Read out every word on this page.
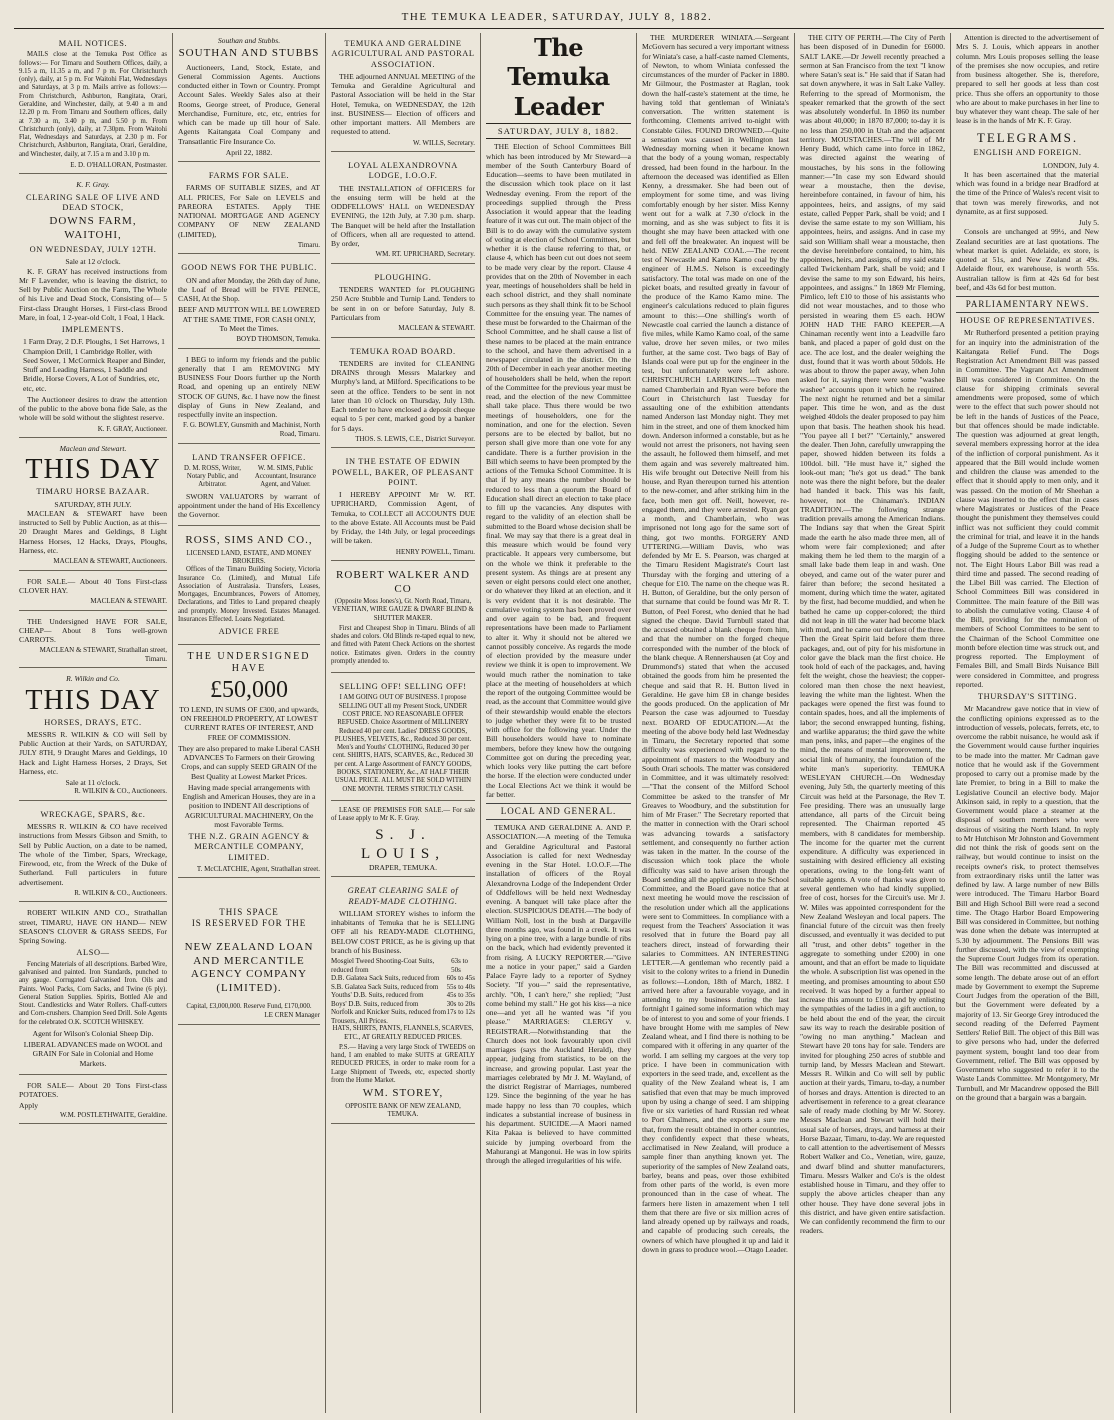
THE TEMUKA LEADER, SATURDAY, JULY 8, 1882.
MAIL NOTICES.

MAILS close at the Temuka Post Office as follows:— For Timaru and Southern Offices, daily, a 9.15 a m, 11.35 a m, and 7 p m. For Christchurch (only), daily, at 5 p m. For Waitohi Flat, Wednesdays and Saturdays, at 3 p m. Mails arrive as follows:— From Christchurch, Ashburton, Rangitata, Orari, Geraldine, and Winchester, daily, at 9.40 a m and 12.20 p m. From Timaru and Southern offices, daily at 7.30 a m, 3.40 p m, and 5.50 p m. From Christchurch (only), daily, at 7.30pm. From Waitohi Flat, Wednesdays and Saturdays, at 2.30 p m. For Christchurch, Ashburton, Rangitata, Orari, Geraldine, and Winchester, daily, at 7.15 a m and 3.10 p m.

E. D. O'HALLORAN, Postmaster.
K. F. Gray.
CLEARING SALE OF LIVE AND DEAD STOCK,
DOWNS FARM, WAITOHI,
ON WEDNESDAY, JULY 12TH.
Sale at 12 o'clock.

K. F. GRAY has received instructions from Mr F Lavender, who is leaving the district, to Sell by Public Auction on the Farm, The Whole of his Live and Dead Stock, Consisting of— 5 First-class Draught Horses, 1 First-class Brood Mare, in foal, 1 2-year-old Colt, 1 Foal, 1 Hack.

IMPLEMENTS.

1 Farm Dray, 2 D.F. Ploughs, 1 Set Harrows, 1 Champion Drill, 1 Cambridge Roller, with Seed Sower, 1 McCormick Reaper and Binder, Stuff and Leading Harness, 1 Saddle and Bridle, Horse Covers, A Lot of Sundries, etc, etc, etc.

The Auctioneer desires to draw the attention of the public to the above bona fide Sale, as the whole will be sold without the slightest reserve.

K. F. GRAY, Auctioneer.
Maclean and Stewart.
THIS DAY
TIMARU HORSE BAZAAR.
SATURDAY, 8TH JULY.

MACLEAN & STEWART have been instructed to Sell by Public Auction, as at this— 20 Draught Mares and Geldings, 8 Light Harness Horses, 12 Hacks, Drays, Ploughs, Harness, etc.

MACLEAN & STEWART, Auctioneers.

FOR SALE.— About 40 Tons First-class CLOVER HAY.

MACLEAN & STEWART.

THE Undersigned HAVE FOR SALE, CHEAP— About 8 Tons well-grown CARROTS.

MACLEAN & STEWART, Strathallan street, Timaru.
R. Wilkin and Co.
THIS DAY
HORSES, DRAYS, ETC.

MESSRS R. WILKIN & CO will Sell by Public Auction at their Yards, on SATURDAY, JULY 8TH, 9 Draught Mares and Geldings, 10 Hack and Light Harness Horses, 2 Drays, Set Harness, etc.

Sale at 11 o'clock.
R. WILKIN & CO., Auctioneers.
WRECKAGE, SPARS, &c.

MESSRS R. WILKIN & CO have received instructions from Messrs Gibson and Smith, to Sell by Public Auction, on a date to be named, The whole of the Timber, Spars, Wreckage, Firewood, etc, from the Wreck of the Duke of Sutherland. Full particulers in future advertisement.

R. WILKIN & CO., Auctioneers.

ROBERT WILKIN AND CO., Strathallan street, TIMARU, HAVE ON HAND— NEW SEASON'S CLOVER & GRASS SEEDS, For Spring Sowing.

ALSO—

Fencing Materials of all descriptions. Barbed Wire, galvanised and painted. Iron Standards, punched to any gauge. Corrugated Galvanised Iron. Oils and Paints. Wool Packs, Corn Sacks, and Twine (6 ply). General Station Supplies. Spirits, Bottled Ale and Stout. Candlesticks and Water Rollers. Chaff-cutters and Corn-crushers. Champion Seed Drill. Sole Agents for the celebrated O.K. SCOTCH WHISKEY.

Agent for Wilson's Colonial Sheep Dip.

LIBERAL ADVANCES made on WOOL and GRAIN For Sale in Colonial and Home Markets.

FOR SALE— About 20 Tons First-class POTATOES.

Apply
W.M. POSTLETHWAITE, Geraldine.
Southan and Stubbs.
SOUTHAN AND STUBBS

Auctioneers, Land, Stock, Estate, and General Commission Agents. Auctions conducted either in Town or Country. Prompt Account Sales. Weekly Sales also at their Rooms, George street, of Produce, General Merchandise, Furniture, etc, etc, entries for which can be made up till hour of Sale. Agents Kaitangata Coal Company and Transatlantic Fire Insurance Co.

April 22, 1882.
FARMS FOR SALE.

FARMS OF SUITABLE SIZES, and AT ALL PRICES, For Sale on LEVELS and PAREORA ESTATES. Apply THE NATIONAL MORTGAGE AND AGENCY COMPANY OF NEW ZEALAND (LIMITED),

Timaru.
GOOD NEWS FOR THE PUBLIC.

ON and after Monday, the 26th day of June, the Loaf of Bread will be FIVE PENCE, CASH, At the Shop.

BEEF AND MUTTON WILL BE LOWERED AT THE SAME TIME, FOR CASH ONLY, To Meet the Times.

BOYD THOMSON, Temuka.

I BEG to inform my friends and the public generally that I am REMOVING MY BUSINESS Four Doors further up the North Road, and opening up an entirely NEW STOCK OF GUNS, &c. I have now the finest display of Guns in New Zealand, and respectfully invite an inspection.

F. G. BOWLEY, Gunsmith and Machinist, North Road, Timaru.
LAND TRANSFER OFFICE.

D. M. ROSS, Writer, Notary Public, and Arbitrator.

W. M. SIMS, Public Accountant, Insurance Agent, and Valuer.

SWORN VALUATORS by warrant of appointment under the hand of His Excellency the Governor.

ROSS, SIMS AND CO.,
LICENSED LAND, ESTATE, AND MONEY BROKERS.

Offices of the Timaru Building Society, Victoria Insurance Co. (Limited), and Mutual Life Association of Australasia. Transfers, Leases, Mortgages, Encumbrances, Powers of Attorney, Declarations, and Titles to Land prepared cheaply and promptly. Money Invested. Estates Managed. Insurances Effected. Loans Negotiated.

ADVICE FREE
THE UNDERSIGNED HAVE
£50,000

TO LEND, IN SUMS OF £300, and upwards, ON FREEHOLD PROPERTY, AT LOWEST CURRENT RATES OF INTEREST, AND FREE OF COMMISSION.

They are also prepared to make Liberal CASH ADVANCES To Farmers on their Growing Crops, and can supply SEED GRAIN Of the Best Quality at Lowest Market Prices.

Having made special arrangements with English and American Houses, they are in a position to INDENT All descriptions of AGRICULTURAL MACHINERY, On the most Favorable Terms.

THE N.Z. GRAIN AGENCY & MERCANTILE COMPANY, LIMITED.
T. McCLATCHIE, Agent, Strathallan street.
THIS SPACE
IS RESERVED FOR THE
NEW ZEALAND LOAN AND MERCANTILE AGENCY COMPANY (LIMITED).
Capital, £3,000,000. Reserve Fund, £170,000.
LE CREN Manager
TEMUKA AND GERALDINE AGRICULTURAL AND PASTORAL ASSOCIATION.

THE adjourned ANNUAL MEETING of the Temuka and Geraldine Agricultural and Pastoral Association will be held in the Star Hotel, Temuka, on WEDNESDAY, the 12th inst. BUSINESS— Election of officers and other important matters. All Members are requested to attend.

W. WILLS, Secretary.
LOYAL ALEXANDROVNA LODGE, I.O.O.F.

THE INSTALLATION of OFFICERS for the ensuing term will be held at the ODDFELLOWS' HALL on WEDNESDAY EVENING, the 12th July, at 7.30 p.m. sharp. The Banquet will be held after the Installation of Officers, when all are requested to attend. By order,

WM. RT. UPRICHARD, Secretary.
PLOUGHING.

TENDERS WANTED for PLOUGHING 250 Acre Stubble and Turnip Land. Tenders to be sent in on or before Saturday, July 8. Particulars from

MACLEAN & STEWART.
TEMUKA ROAD BOARD.

TENDERS are invited for CLEANING DRAINS through Messrs Malarkey and Murphy's land, at Milford. Specifications to be seen at the office. Tenders to be sent in not later than 10 o'clock on Thursday, July 13th. Each tender to have enclosed a deposit cheque equal to 5 per cent, marked good by a banker for 5 days.

THOS. S. LEWIS, C.E., District Surveyor.
IN THE ESTATE OF EDWIN POWELL, BAKER, OF PLEASANT POINT.

I HEREBY APPOINT Mr W. RT. UPRICHARD, Commission Agent, of Temuka, to COLLECT all ACCOUNTS DUE to the above Estate. All Accounts must be Paid by Friday, the 14th July, or legal proceedings will be taken.

HENRY POWELL, Timaru.
ROBERT WALKER AND CO

(Opposite Moss Jones's), Gt. North Road, Timaru, VENETIAN, WIRE GAUZE & DWARF BLIND & SHUTTER MAKER.

First and Cheapest Shop in Timaru. Blinds of all shades and colors. Old Blinds re-taped equal to new, and fitted with Patent Check Actions on the shortest notice. Estimates given. Orders in the country promptly attended to.

SELLING OFF! SELLING OFF!

I AM GOING OUT OF BUSINESS. I propose SELLING OUT all my Present Stock, UNDER COST PRICE. NO REASONABLE OFFER REFUSED. Choice Assortment of MILLINERY Reduced 40 per cent. Ladies' DRESS GOODS, PLUSHES, VELVETS, &c., Reduced 30 per cent. Men's and Youths' CLOTHING, Reduced 30 per cent. SHIRTS, HATS, SCARVES, &c., Reduced 30 per cent. A Large Assortment of FANCY GOODS, BOOKS, STATIONERY, &c., AT HALF THEIR USUAL PRICE. ALL MUST BE SOLD WITHIN ONE MONTH. TERMS STRICTLY CASH.

LEASE OF PREMISES FOR SALE.— For sale of Lease apply to Mr K. F. Gray.

S. J. LOUIS,
DRAPER, TEMUKA.
GREAT CLEARING SALE of READY-MADE CLOTHING.

WILLIAM STOREY wishes to inform the inhabitants of Temuka that he is SELLING OFF all his READY-MADE CLOTHING, BELOW COST PRICE, as he is giving up that branch of his Business.

Mosgiel Tweed Shooting-Coat Suits, reduced from
63s to 50s
D.B. Galatea Sack Suits, reduced from 60s to 45s
S.B. Galatea Sack Suits, reduced from 55s to 40s
Youths' D.B. Suits, reduced from	45s to 35s
Boys' D.B. Suits, reduced from	30s to 20s
Norfolk and Knicker Suits, reduced from 17s to 12s
Trousers, All Prices.

HATS, SHIRTS, PANTS, FLANNELS, SCARVES, ETC., AT GREATLY REDUCED PRICES.

P.S.— Having a very large Stock of TWEEDS on hand, I am enabled to make SUITS at GREATLY REDUCED PRICES, in order to make room for a Large Shipment of Tweeds, etc, expected shortly from the Home Market.

WM. STOREY,
OPPOSITE BANK OF NEW ZEALAND, TEMUKA.
The Temuka Leader
SATURDAY, JULY 8, 1882.

THE Election of School Committees Bill which has been introduced by Mr Steward—a member of the South Canterbury Board of Education—seems to have been mutilated in the discussion which took place on it last Wednesday evening. From the report of the proceedings supplied through the Press Association it would appear that the leading feature of it was cut out. The main object of the Bill is to do away with the cumulative system of voting at election of School Committees, but whether it is the clause referring to that, or clause 4, which has been cut out does not seem to be made very clear by the report. Clause 4 provides that on the 20th of November in each year, meetings of householders shall be held in each school district, and they shall nominate such persons as they shall think fit to be School Committee for the ensuing year. The names of these must be forwarded to the Chairman of the School Committee, and he shall cause a list of these names to be placed at the main entrance to the school, and have them advertised in a newspaper circulated in the district. On the 20th of December in each year another meeting of householders shall be held, when the report of the Committee for the previous year must be read, and the election of the new Committee shall take place. Thus there would be two meetings of householders, one for the nomination, and one for the election. Seven persons are to be elected by ballot, but no person shall give more than one vote for any candidate. There is a further provision in the Bill which seems to have been prompted by the actions of the Temuka School Committee. It is that if by any means the number should be reduced to less than a quorum the Board of Education shall direct an election to take place to fill up the vacancies. Any disputes with regard to the validity of an election shall be submitted to the Board whose decision shall be final. We may say that there is a great deal in this measure which would be found very practicable. It appears very cumbersome, but on the whole we think it preferable to the present system. As things are at present any seven or eight persons could elect one another, or do whatever they liked at an election, and it is very evident that it is not desirable. The cumulative voting system has been proved over and over again to be bad, and frequent representations have been made to Parliament to alter it. Why it should not be altered we cannot possibly conceive. As regards the mode of election provided by the measure under review we think it is open to improvement. We would much rather the nomination to take place at the meeting of householders at which the report of the outgoing Committee would be read, as the account that Committee would give of their stewardship would enable the electors to judge whether they were fit to be trusted with office for the following year. Under the Bill householders would have to nominate members, before they knew how the outgoing Committee got on during the preceding year, which looks very like putting the cart before the horse. If the election were conducted under the Local Elections Act we think it would be far better.

LOCAL AND GENERAL.

TEMUKA AND GERALDINE A. AND P. ASSOCIATION.—A meeting of the Temuka and Geraldine Agricultural and Pastoral Association is called for next Wednesday evening in the Star Hotel. I.O.O.F.—The installation of officers of the Royal Alexandrovna Lodge of the Independent Order of Oddfellows will be held next Wednesday evening. A banquet will take place after the election. SUSPICIOUS DEATH.—The body of William Noll, lost in the bush at Dargaville three months ago, was found in a creek. It was lying on a pine tree, with a large bundle of ribs on the back, which had evidently prevented it from rising. A LUCKY REPORTER.—"Give me a notice in your paper," said a Garden Palace Fayre lady to a reporter of Sydney Society. "If you—" said the representative, archly. "Oh, I can't here," she replied; "Just come behind my stall." He got his kiss—a nice one—and yet all he wanted was "if you please." MARRIAGES: CLERGY v. REGISTRAR.—Notwithstanding that the Church does not look favourably upon civil marriages (says the Auckland Herald), they appear, judging from statistics, to be on the increase, and growing popular. Last year the marriages celebrated by Mr J. M. Wayland, of the district Registrar of Marriages, numbered 129. Since the beginning of the year he has made happy no less than 70 couples, which indicates a substantial increase of business in his department. SUICIDE.—A Maori named Kita Pakaa is believed to have committed suicide by jumping overboard from the Mahurangi at Mangonui. He was in low spirits through the alleged irregularities of his wife.

THE MURDERER WINIATA.—Sergeant McGovern has secured a very important witness for Winiata's case, a half-caste named Clements, of Newton, to whom Winiata confessed the circumstances of the murder of Packer in 1880. Mr Gilmour, the Postmaster at Raglan, took down the half-caste's statement at the time, he having told that gentleman of Winiata's conversation. The written statement is forthcoming. Clements arrived to-night with Constable Giles. FOUND DROWNED.—Quite a sensation was caused in Wellington last Wednesday morning when it became known that the body of a young woman, respectably dressed, had been found in the harbour. In the afternoon the deceased was identified as Ellen Kenny, a dressmaker. She had been out of employment for some time, and was living comfortably enough by her sister. Miss Kenny went out for a walk at 7.30 o'clock in the morning, and as she was subject to fits it is thought she may have been attacked with one and fell off the breakwater. An inquest will be held. NEW ZEALAND COAL.—The recent test of Newcastle and Kamo Kamo coal by the engineer of H.M.S. Nelson is exceedingly satisfactory. The total was made on one of the picket boats, and resulted greatly in favour of the produce of the Kamo Kamo mine. The engineer's calculations reduced to plain figures amount to this:—One shilling's worth of Newcastle coal carried the launch a distance of five miles, while Kamo Kamo coal, of the same value, drove her seven miles, or two miles further, at the same cost. Two bags of Bay of Islands coal were put up for the engineer in the test, but unfortunately were left ashore. CHRISTCHURCH LARRIKINS.—Two men named Chamberlain and Ryan were before the Court in Christchurch last Tuesday for assaulting one of the exhibition attendants named Anderson last Monday night. They met him in the street, and one of them knocked him down. Anderson informed a constable, but as he would not arrest the prisoners, not having seen the assault, he followed them himself, and met them again and was severely maltreated him. His wife brought out Detective Neill from his house, and Ryan thereupon turned his attention to the new-comer, and after striking him in the face, both men got off. Neill, however, re-engaged them, and they were arrested. Ryan got a month, and Chamberlain, who was imprisoned not long ago for the same sort of thing, got two months. FORGERY AND UTTERING.—William Davis, who was defended by Mr E. S. Pearson, was charged at the Timaru Resident Magistrate's Court last Thursday with the forging and uttering of a cheque for £10. The name on the cheque was R. H. Button, of Geraldine, but the only person of that surname that could be found was Mr R. T. Button, of Peel Forest, who denied that he had signed the cheque. David Turnbull stated that the accused obtained a blank cheque from him, and that the number on the forged cheque corresponded with the number of the block of the blank cheque. A Rennershausen (at Coy and Drummond's) stated that when the accused obtained the goods from him he presented the cheque and said that R. H. Button lived in Geraldine. He gave him £8 in change besides the goods produced. On the application of Mr Pearson the case was adjourned to Tuesday next. BOARD OF EDUCATION.—At the meeting of the above body held last Wednesday in Timaru, the Secretary reported that some difficulty was experienced with regard to the appointment of masters to the Woodbury and South Orari schools. The matter was considered in Committee, and it was ultimately resolved:—"That the consent of the Milford School Committee be asked to the transfer of Mr Greaves to Woodbury, and the substitution for him of Mr Fraser." The Secretary reported that the matter in connection with the Orari school was advancing towards a satisfactory settlement, and consequently no further action was taken in the matter. In the course of the discussion which took place the whole difficulty was said to have arisen through the Board sending all the applications to the School Committee, and the Board gave notice that at next meeting he would move the rescission of the resolution under which all the applications were sent to Committees. In compliance with a request from the Teachers' Association it was resolved that in future the Board pay all teachers direct, instead of forwarding their salaries to Committees. AN INTERESTING LETTER.—A gentleman who recently paid a visit to the colony writes to a friend in Dunedin as follows:—London, 18th of March, 1882. I arrived here after a favourable voyage, and in attending to my business during the last fortnight I gained some information which may be of interest to you and some of your friends. I have brought Home with me samples of New Zealand wheat, and I find there is nothing to be compared with it offering in any quarter of the world. I am selling my cargoes at the very top price. I have been in communication with exporters in the seed trade, and, excellent as the quality of the New Zealand wheat is, I am satisfied that even that may be much improved upon by using a change of seed. I am shipping five or six varieties of hard Russian red wheat to Port Chalmers, and the exports a sure me that, from the result obtained in other countries, they confidently expect that these wheats, acclimatised in New Zealand, will produce a sample finer than anything known yet. The superiority of the samples of New Zealand oats, barley, beans and peas, over those exhibited from other parts of the world, is even more pronounced than in the case of wheat. The farmers here listen in amazement when I tell them that there are five or six million acres of land already opened up by railways and roads, and capable of producing such cereals, the owners of which have ploughed it up and laid it down in grass to produce wool.—Otago Leader.

THE CITY OF PERTH.—The City of Perth has been disposed of in Dunedin for £6000. SALT LAKE.—Dr Jewell recently preached a sermon at San Francisco from the text "I know where Satan's seat is." He said that if Satan had sat down anywhere, it was in Salt Lake Valley. Referring to the spread of Mormonism, the speaker remarked that the growth of the sect was absolutely wonderful. In 1860 its number was about 40,000; in 1870 87,000; to-day it is no less than 250,000 in Utah and the adjacent territory. MOUSTACHES.—The will of Mr Henry Budd, which came into force in 1862, was directed against the wearing of moustaches, by his sons in the following manner:—"In case my son Edward should wear a moustache, then the devise, hereinbefore contained, in favour of him, his appointees, heirs, and assigns, of my said estate, called Pepper Park, shall be void; and I devise the same estate to my son William, his appointees, heirs, and assigns. And in case my said son William shall wear a moustache, then the devise hereinbefore contained, to him, his appointees, heirs, and assigns, of my said estate called Twickenham Park, shall be void; and I devise the same to my son Edward, his heirs, appointees, and assigns." In 1869 Mr Fleming, Pimlico, left £10 to those of his assistants who did not wear moustaches, and to those who persisted in wearing them £5 each. HOW JOHN HAD THE FARO KEEPER.—A Chinaman recently went into a Leadville faro bank, and placed a paper of gold dust on the ace. The ace lost, and the dealer weighing the dust, found that it was worth about 50dols. He was about to throw the paper away, when John asked for it, saying there were some "washee washee" accounts upon it which he required. The next night he returned and bet a similar paper. This time he won, and as the dust weighed 40dols the dealer proposed to pay him upon that basis. The heathen shook his head. "You payee all I bet?" "Certainly," answered the dealer. Then John, carefully unwrapping the paper, showed hidden between its folds a 100dol. bill. "He must have it," sighed the look-out man; "he's got us dead." The bank note was there the night before, but the dealer had handed it back. This was his fault, however, not the Chinaman's. INDIAN TRADITION.—The following strange tradition prevails among the American Indians. The Indians say that when the Great Spirit made the earth he also made three men, all of whom were fair complexioned; and after making them he led them to the margin of a small lake bade them leap in and wash. One obeyed, and came out of the water purer and fairer than before; the second hesitated a moment, during which time the water, agitated by the first, had become muddied, and when he bathed he came up copper-colored; the third did not leap in till the water had become black with mud, and he came out darkest of the three. Then the Great Spirit laid before them three packages, and, out of pity for his misfortune in color gave the black man the first choice. He took hold of each of the packages, and, having felt the weight, chose the heaviest; the copper-colored man then chose the next heaviest, leaving the white man the lightest. When the packages were opened the first was found to contain spades, hoes, and all the implements of labor; the second enwrapped hunting, fishing, and warlike apparatus; the third gave the white man pens, inks, and paper—the engines of the mind, the means of mental improvement, the social link of humanity, the foundation of the white man's superiority. TEMUKA WESLEYAN CHURCH.—On Wednesday evening, July 5th, the quarterly meeting of this Circuit was held at the Parsonage, the Rev T. Fee presiding. There was an unusually large attendance, all parts of the Circuit being represented. The Chairman reported 45 members, with 8 candidates for membership. The income for the quarter met the current expenditure. A difficulty was experienced in sustaining with desired efficiency all existing operations, owing to the long-felt want of suitable agents. A vote of thanks was given to several gentlemen who had kindly supplied, free of cost, horses for the Circuit's use. Mr J. W. Miles was appointed correspondent for the New Zealand Wesleyan and local papers. The financial future of the circuit was then freely discussed, and eventually it was decided to put all "trust, and other debts" together in the aggregate to something under £200) in one amount, and that an effort be made to liquidate the whole. A subscription list was opened in the meeting, and promises amounting to about £50 received. It was hoped by a further appeal to increase this amount to £100, and by enlisting the sympathies of the ladies in a gift auction, to be held about the end of the year, the circuit saw its way to reach the desirable position of "owing no man anything." Maclean and Stewart have 20 tons hay for sale. Tenders are invited for ploughing 250 acres of stubble and turnip land, by Messrs Maclean and Stewart. Messrs R. Wilkin and Co will sell by public auction at their yards, Timaru, to-day, a number of horses and drays. Attention is directed to an advertisement in reference to a great clearance sale of ready made clothing by Mr W. Storey. Messrs Maclean and Stewart will hold their usual sale of horses, drays, and harness at their Horse Bazaar, Timaru, to-day. We are requested to call attention to the advertisement of Messrs Robert Walker and Co., Venetian, wire, gauze, and dwarf blind and shutter manufacturers, Timaru. Messrs Walker and Co's is the oldest established house in Timaru, and they offer to supply the above articles cheaper than any other house. They have done several jobs in this district, and have given entire satisfaction. We can confidently recommend the firm to our readers.

Attention is directed to the advertisement of Mrs S. J. Louis, which appears in another column. Mrs Louis proposes selling the lease of the premises she now occupies, and retire from business altogether. She is, therefore, prepared to sell her goods at less than cost price. Thus she offers an opportunity to those who are about to make purchases in her line to buy whatever they want cheap. The sale of her lease is in the hands of Mr K. F. Gray.

TELEGRAMS.
ENGLISH AND FOREIGN.
LONDON, July 4.

It has been ascertained that the material which was found in a bridge near Bradford at the time of the Prince of Wales's recent visit to that town was merely fireworks, and not dynamite, as at first supposed.

July 5.

Consols are unchanged at 99½, and New Zealand securities are at last quotations. The wheat market is quiet. Adelaide, ex store, is quoted at 51s, and New Zealand at 49s. Adelaide flour, ex warehouse, is worth 55s. Australian tallow is firm at 42s 6d for best beef, and 43s 6d for best mutton.

PARLIAMENTARY NEWS.
HOUSE OF REPRESENTATIVES.

Mr Rutherford presented a petition praying for an inquiry into the administration of the Kaitangata Relief Fund. The Dogs Registration Act Amendment Bill was passed in Committee. The Vagrant Act Amendment Bill was considered in Committee. On the clause for shipping criminals several amendments were proposed, some of which were to the effect that such power should not be left in the hands of Justices of the Peace, but that offences should be made indictable. The question was adjourned at great length, several members expressing horror at the idea of the infliction of corporal punishment. As it appeared that the Bill would include women and children the clause was amended to the effect that it should apply to men only, and it was passed. On the motion of Mr Sheehan a clause was inserted to the effect that in cases where Magistrates or Justices of the Peace thought the punishment they themselves could inflict was not sufficient they could commit the criminal for trial, and leave it in the hands of a Judge of the Supreme Court as to whether flogging should be added to the sentence or not. The Eight Hours Labor Bill was read a third time and passed. The second reading of the Libel Bill was carried. The Election of School Committees Bill was considered in Committee. The main feature of the Bill was to abolish the cumulative voting. Clause 4 of the Bill, providing for the nomination of members of School Committees to be sent to the Chairman of the School Committee one month before election time was struck out, and progress reported. The Employment of Females Bill, and Small Birds Nuisance Bill were considered in Committee, and progress reported.

THURSDAY'S SITTING.

Mr Macandrew gave notice that in view of the conflicting opinions expressed as to the introduction of vessels, polecats, ferrets, etc, to overcome the rabbit nuisance, he would ask if the Government would cause further inquiries to be made into the matter. Mr Cadman gave notice that he would ask if the Government proposed to carry out a promise made by the late Premier, to bring in a Bill to make the Legislative Council an elective body. Major Atkinson said, in reply to a question, that the Government would place a steamer at the disposal of southern members who were desirous of visiting the North Island. In reply to Mr Hutchison Mr Johnston and Government did not think the risk of goods sent on the railway, but would continue to insist on the receipts owner's risk, to protect themselves from extraordinary risks until the latter was defined by law. A large number of new Bills were introduced. The Timaru Harbor Board Bill and High School Bill were read a second time. The Otago Harbor Board Empowering Bill was considered in Committee, but nothing was done when the debate was interrupted at 5.30 by adjournment. The Pensions Bill was further discussed, with the view of exempting the Supreme Court Judges from its operation. The Bill was recommitted and discussed at some length. The debate arose out of an effort made by Government to exempt the Supreme Court Judges from the operation of the Bill, but the Government were defeated by a majority of 13. Sir George Grey introduced the second reading of the Deferred Payment Settlers' Relief Bill. The object of this Bill was to give persons who had, under the deferred payment system, bought land too dear from Government, relief. The Bill was opposed by Government who suggested to refer it to the Waste Lands Committee. Mr Montgomery, Mr Turnbull, and Mr Macandrew opposed the Bill on the ground that a bargain was a bargain.
